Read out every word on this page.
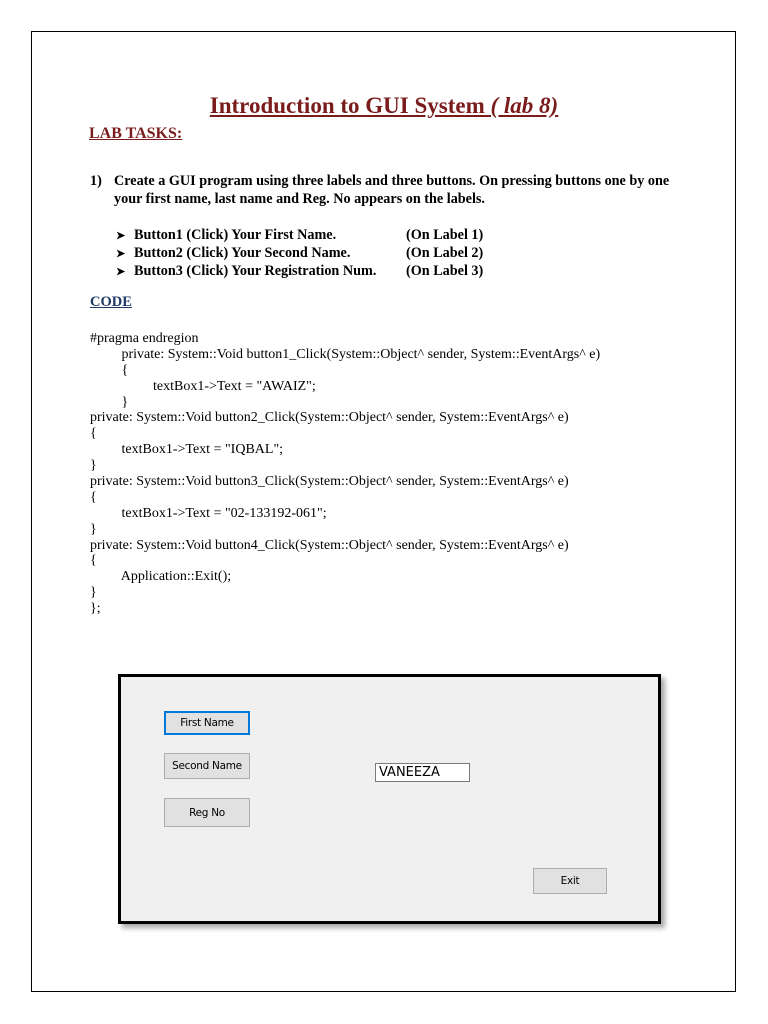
Introduction to GUI System ( lab 8)
LAB TASKS:
1) Create a GUI program using three labels and three buttons. On pressing buttons one by one your first name, last name and Reg. No appears on the labels.
➤ Button1 (Click) Your First Name.	(On Label 1)
➤ Button2 (Click) Your Second Name.	(On Label 2)
➤ Button3 (Click) Your Registration Num. (On Label 3)
CODE
#pragma endregion
private: System::Void button1_Click(System::Object^ sender, System::EventArgs^ e)
{
textBox1->Text = "AWAIZ";
}
private: System::Void button2_Click(System::Object^ sender, System::EventArgs^ e)
{
textBox1->Text = "IQBAL";
}
private: System::Void button3_Click(System::Object^ sender, System::EventArgs^ e)
{
textBox1->Text = "02-133192-061";
}
private: System::Void button4_Click(System::Object^ sender, System::EventArgs^ e)
{
Application::Exit();
}
};
First Name
Second Name
Reg No
VANEEZA
Exit
